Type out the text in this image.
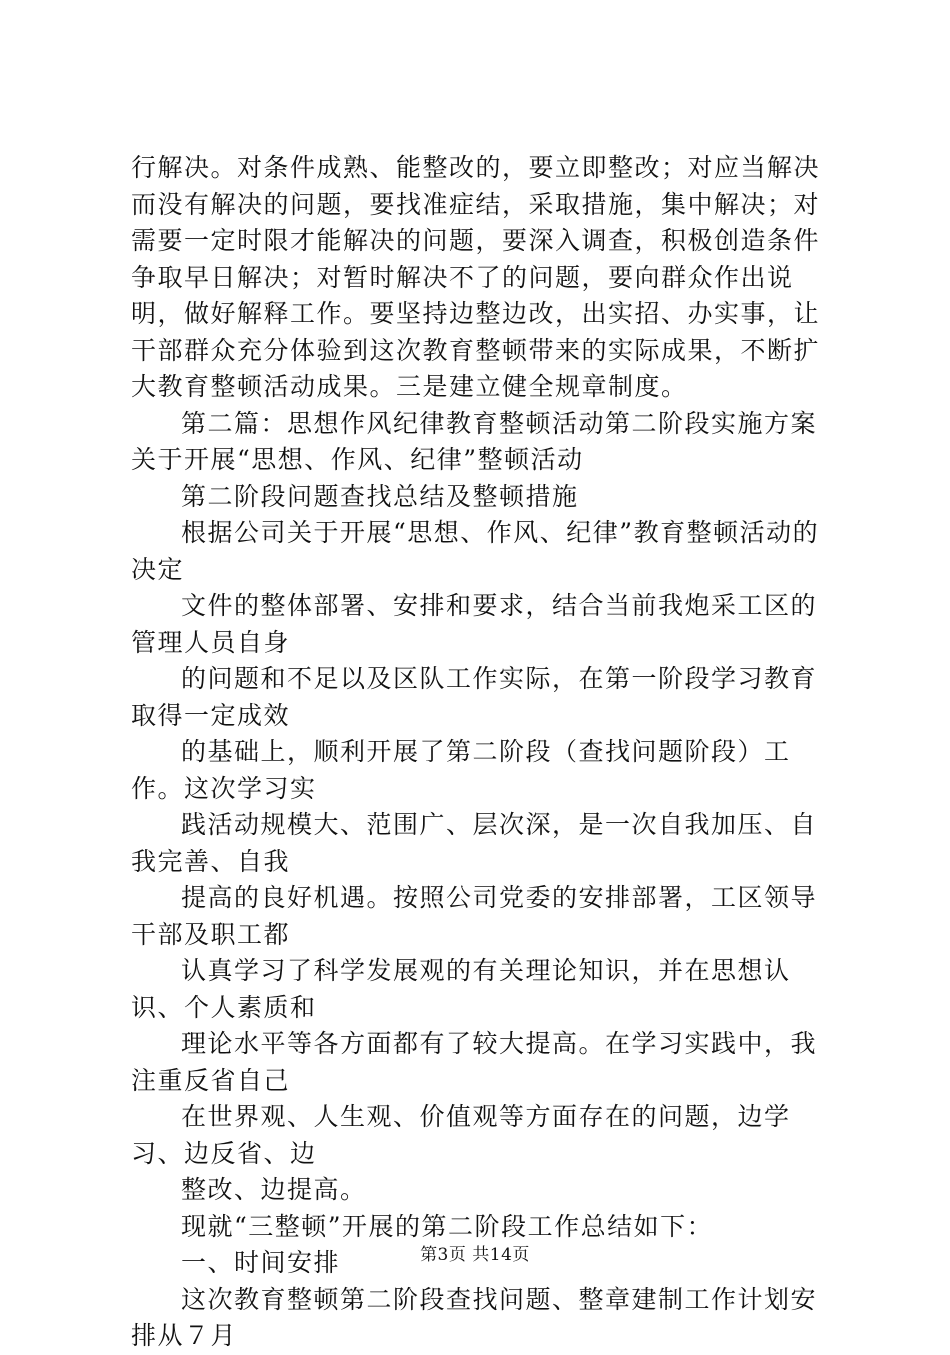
行解决。对条件成熟、能整改的，要立即整改；对应当解决而没有解决的问题，要找准症结，采取措施，集中解决；对需要一定时限才能解决的问题，要深入调查，积极创造条件争取早日解决；对暂时解决不了的问题，要向群众作出说明，做好解释工作。要坚持边整边改，出实招、办实事，让干部群众充分体验到这次教育整顿带来的实际成果，不断扩大教育整顿活动成果。三是建立健全规章制度。

第二篇：思想作风纪律教育整顿活动第二阶段实施方案关于开展“思想、作风、纪律”整顿活动

第二阶段问题查找总结及整顿措施

根据公司关于开展“思想、作风、纪律”教育整顿活动的决定

文件的整体部署、安排和要求，结合当前我炮采工区的管理人员自身

的问题和不足以及区队工作实际，在第一阶段学习教育取得一定成效

的基础上，顺利开展了第二阶段（查找问题阶段）工作。这次学习实

践活动规模大、范围广、层次深，是一次自我加压、自我完善、自我

提高的良好机遇。按照公司党委的安排部署，工区领导干部及职工都

认真学习了科学发展观的有关理论知识，并在思想认识、个人素质和

理论水平等各方面都有了较大提高。在学习实践中，我注重反省自己

在世界观、人生观、价值观等方面存在的问题，边学习、边反省、边

整改、边提高。

现就“三整顿”开展的第二阶段工作总结如下：

一、时间安排

这次教育整顿第二阶段查找问题、整章建制工作计划安排从７月

第3页 共14页
